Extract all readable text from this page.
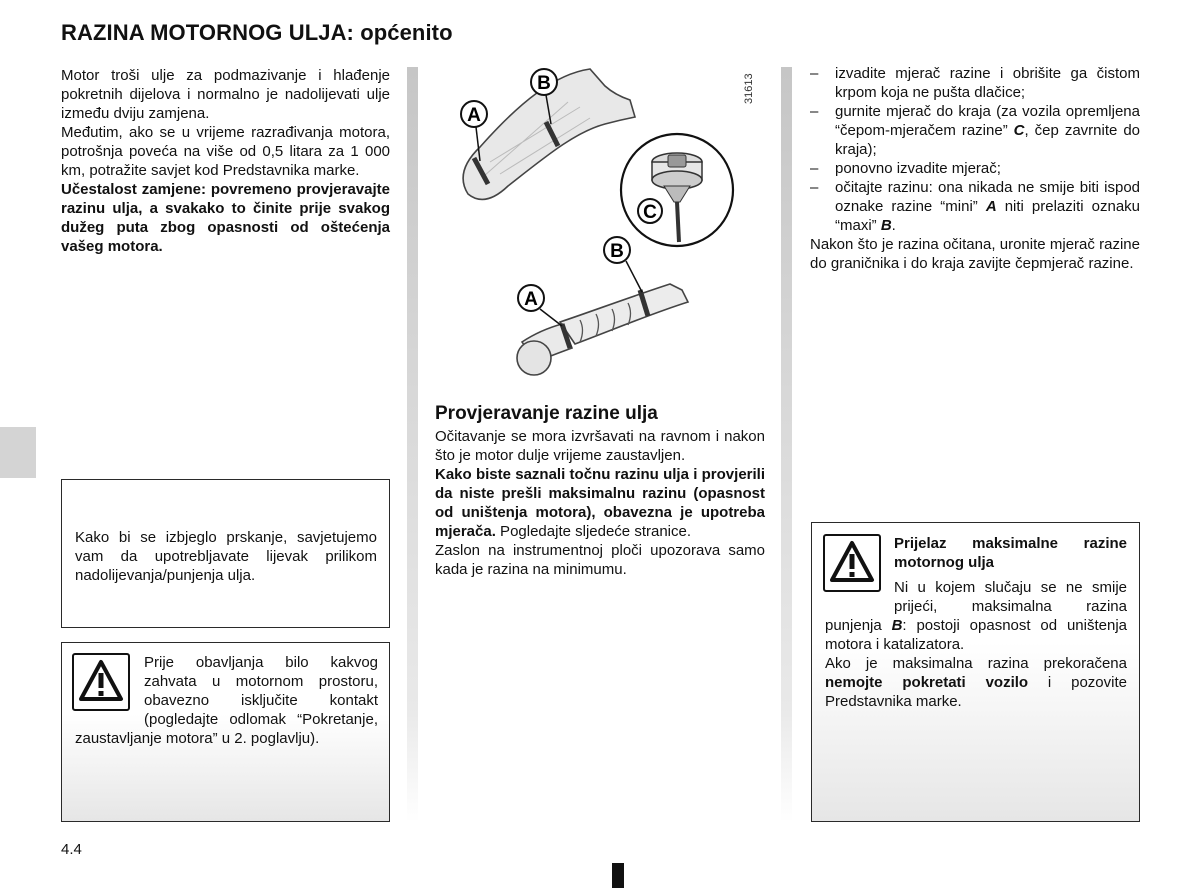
RAZINA MOTORNOG ULJA: općenito
Motor troši ulje za podmazivanje i hlađenje pokretnih dijelova i normalno je nadolijevati ulje između dviju zamjena.
Međutim, ako se u vrijeme razrađivanja motora, potrošnja poveća na više od 0,5 litara za 1 000 km, potražite savjet kod Predstavnika marke.
Učestalost zamjene: povremeno provjeravajte razinu ulja, a svakako to činite prije svakog dužeg puta zbog opasnosti od oštećenja vašeg motora.
Kako bi se izbjeglo prskanje, savjetujemo vam da upotrebljavate lijevak prilikom nadolijevanja/punjenja ulja.
Prije obavljanja bilo kakvog zahvata u motornom prostoru, obavezno isključite kontakt (pogledajte odlomak “Pokretanje, zaustavljanje motora” u 2. poglavlju).
31613
B
A
C
B
A
Provjeravanje razine ulja
Očitavanje se mora izvršavati na ravnom i nakon što je motor dulje vrijeme zaustavljen.
Kako biste saznali točnu razinu ulja i provjerili da niste prešli maksimalnu razinu (opasnost od uništenja motora), obavezna je upotreba mjerača. Pogledajte sljedeće stranice.
Zaslon na instrumentnoj ploči upozorava samo kada je razina na minimumu.
– izvadite mjerač razine i obrišite ga čistom krpom koja ne pušta dlačice;
– gurnite mjerač do kraja (za vozila opremljena “čepom-mjeračem razine” C, čep zavrnite do kraja);
– ponovno izvadite mjerač;
– očitajte razinu: ona nikada ne smije biti ispod oznake razine “mini” A niti prelaziti oznaku “maxi” B.
Nakon što je razina očitana, uronite mjerač razine do graničnika i do kraja zavijte čepmjerač razine.
Prijelaz maksimalne razine motornog ulja
Ni u kojem slučaju se ne smije prijeći, maksimalna razina punjenja B: postoji opasnost od uništenja motora i katalizatora.
Ako je maksimalna razina prekoračena nemojte pokretati vozilo i pozovite Predstavnika marke.
4.4
